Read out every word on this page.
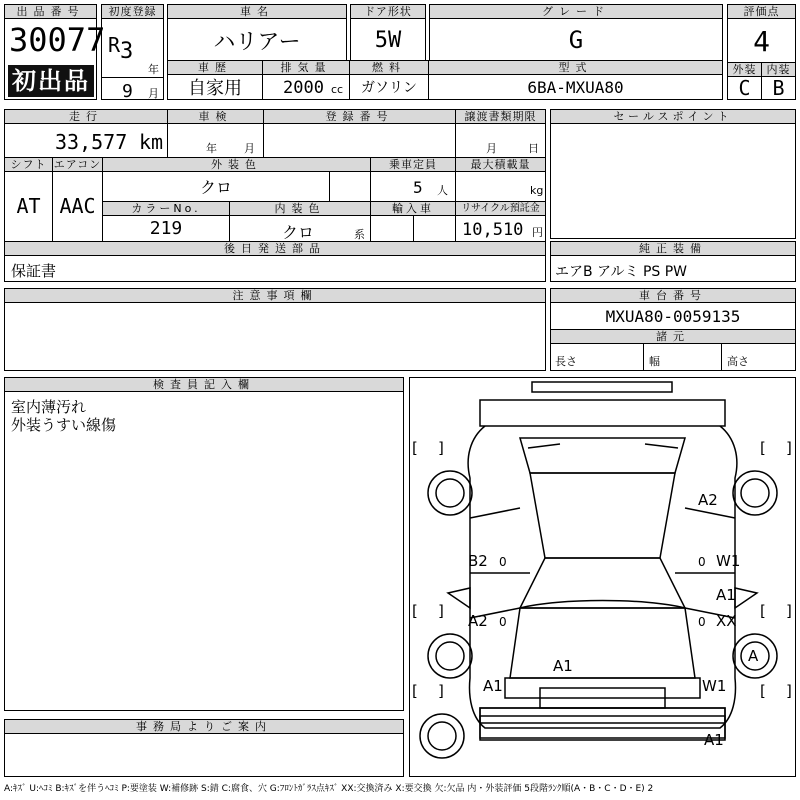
出品番号
30077
初出品
初度登録
R 3
年
9 月
車名
ハリアー
ドア形状
5W
グレード
G
評価点
4
外装 内装
C	B
車歴
自家用
排気量
2000 cc
燃料
ガソリン
型式
6BA-MXUA80
走行
33,577 km
車検
年 月
登録番号	譲渡書類期限
月	日
セールスポイント
シフト
AT
エアコン
AAC
外装色
クロ
乗車定員
5 人
最大積載量
kg
カラーNo.
219
内装色
クロ	系
輸入車	リサイクル預託金
10,510 円
後日発送部品
保証書
純正装備
エアB アルミ PS PW
注意事項欄	車台番号
MXUA80-0059135
諸元
長さ	幅	高さ
検査員記入欄
室内薄汚れ
外装うすい線傷
事務局よりご案内
[ ]	[ ]
[ ]	[ ]
[ ]	[ ]
A2
B2 0	0 W1
A1
A2 0	0 XX
A
A1
A1	W1
A1
A:ｷｽﾞ U:ﾍｺﾐ B:ｷｽﾞを伴うﾍｺﾐ P:要塗装 W:補修跡 S:錆 C:腐食、穴 G:ﾌﾛﾝﾄｶﾞﾗｽ点ｷｽﾞ XX:交換済み X:要交換 欠:欠品 内・外装評価 5段階ﾗﾝｸ順(A・B・C・D・E) 2
